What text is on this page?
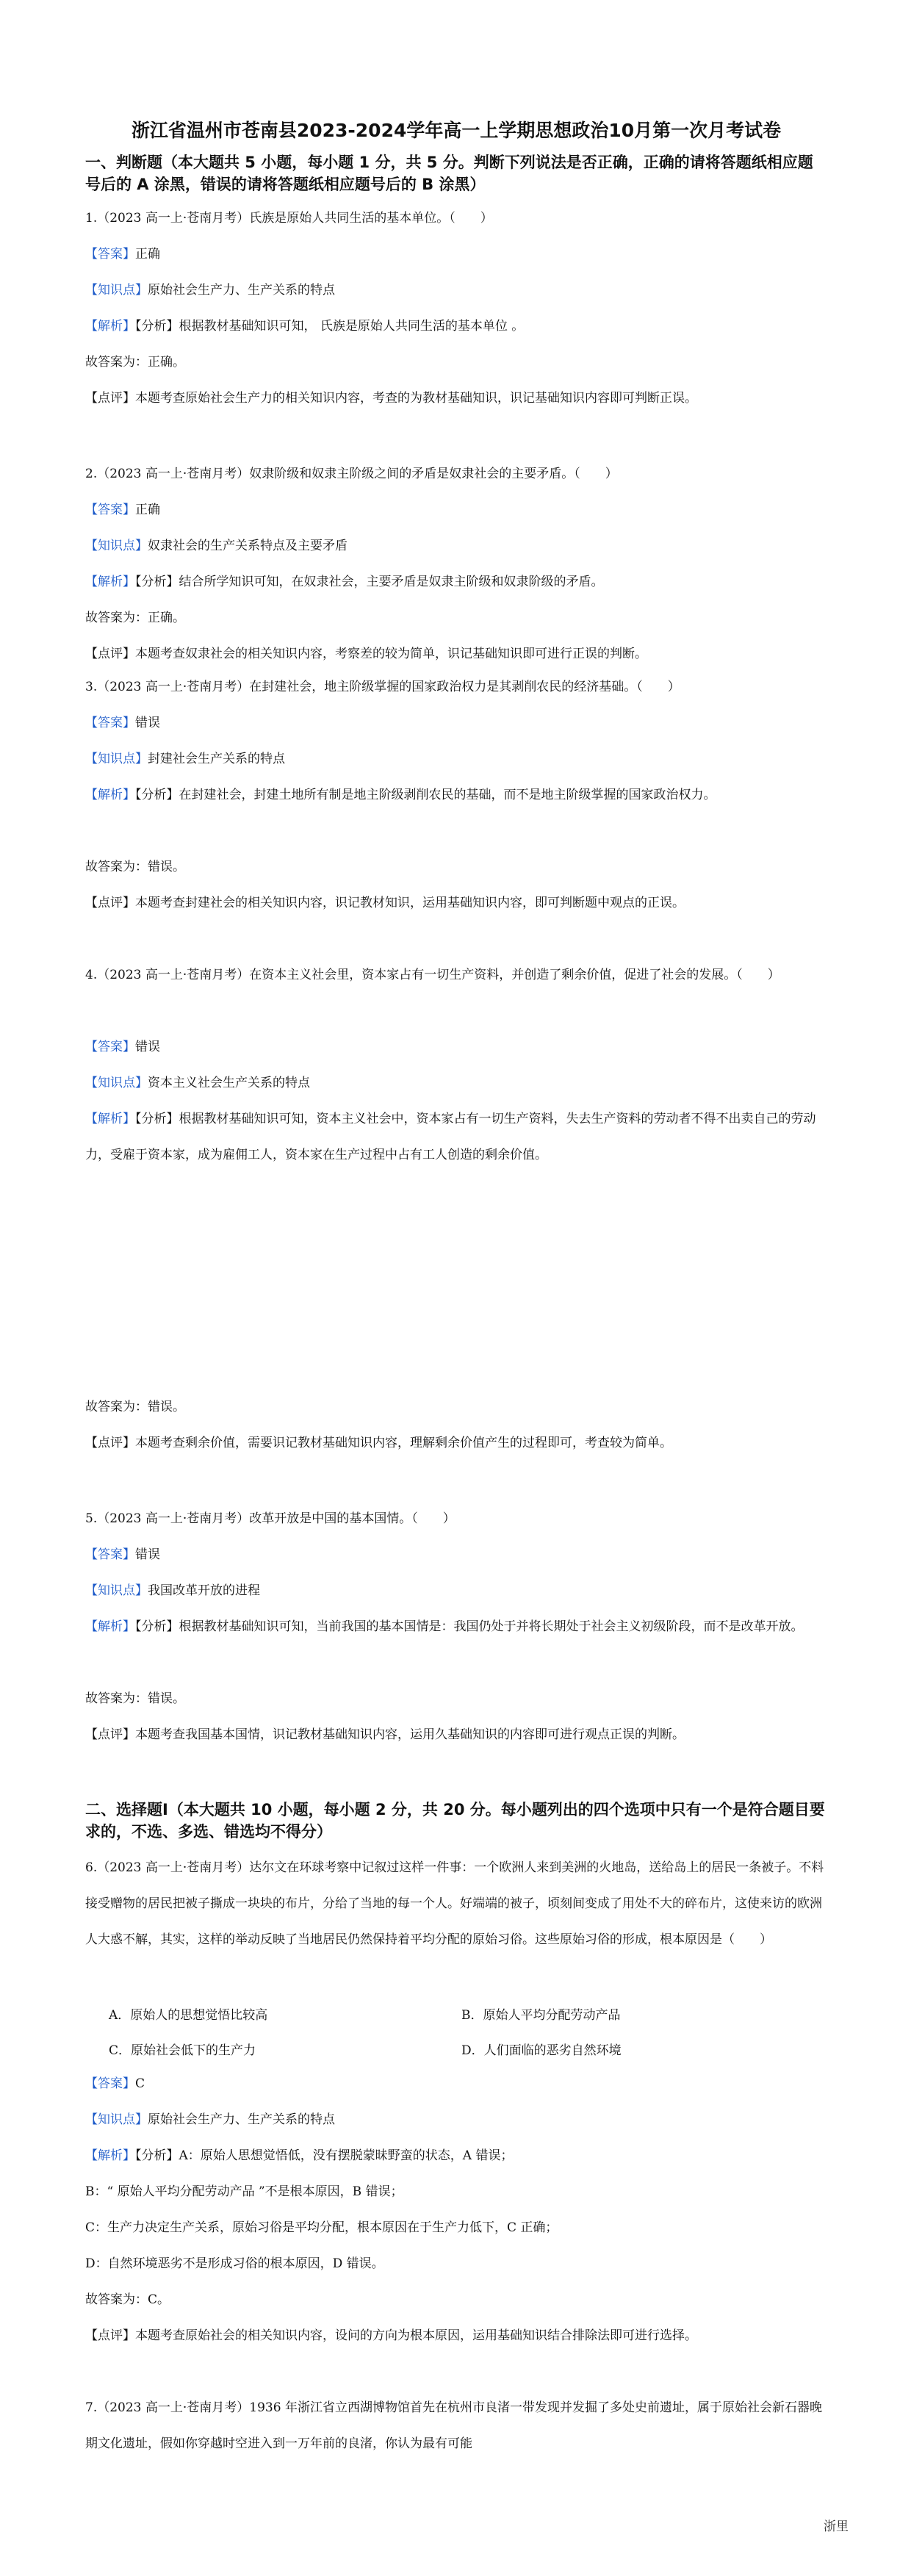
浙江省温州市苍南县2023-2024学年高一上学期思想政治10月第一次月考试卷
一、判断题（本大题共 5 小题，每小题 1 分，共 5 分。判断下列说法是否正确，正确的请将答题纸相应题号后的 A 涂黑，错误的请将答题纸相应题号后的 B 涂黑）
1.（2023 高一上·苍南月考）氏族是原始人共同生活的基本单位。（　　）
【答案】正确
【知识点】原始社会生产力、生产关系的特点
【解析】【分析】根据教材基础知识可知， 氏族是原始人共同生活的基本单位 。
故答案为：正确。
【点评】本题考查原始社会生产力的相关知识内容，考查的为教材基础知识，识记基础知识内容即可判断正误。
2.（2023 高一上·苍南月考）奴隶阶级和奴隶主阶级之间的矛盾是奴隶社会的主要矛盾。（　　）
【答案】正确
【知识点】奴隶社会的生产关系特点及主要矛盾
【解析】【分析】结合所学知识可知，在奴隶社会，主要矛盾是奴隶主阶级和奴隶阶级的矛盾。
故答案为：正确。
【点评】本题考查奴隶社会的相关知识内容，考察差的较为简单，识记基础知识即可进行正误的判断。
3.（2023 高一上·苍南月考）在封建社会，地主阶级掌握的国家政治权力是其剥削农民的经济基础。（　　）
【答案】错误
【知识点】封建社会生产关系的特点
【解析】【分析】在封建社会，封建土地所有制是地主阶级剥削农民的基础，而不是地主阶级掌握的国家政治权力。
故答案为：错误。
【点评】本题考查封建社会的相关知识内容，识记教材知识，运用基础知识内容，即可判断题中观点的正误。
4.（2023 高一上·苍南月考）在资本主义社会里，资本家占有一切生产资料，并创造了剩余价值，促进了社会的发展。（　　）
【答案】错误
【知识点】资本主义社会生产关系的特点
【解析】【分析】根据教材基础知识可知，资本主义社会中，资本家占有一切生产资料，失去生产资料的劳动者不得不出卖自己的劳动力，受雇于资本家，成为雇佣工人，资本家在生产过程中占有工人创造的剩余价值。
故答案为：错误。
【点评】本题考查剩余价值，需要识记教材基础知识内容，理解剩余价值产生的过程即可，考查较为简单。
5.（2023 高一上·苍南月考）改革开放是中国的基本国情。（　　）
【答案】错误
【知识点】我国改革开放的进程
【解析】【分析】根据教材基础知识可知，当前我国的基本国情是：我国仍处于并将长期处于社会主义初级阶段，而不是改革开放。
故答案为：错误。
【点评】本题考查我国基本国情，识记教材基础知识内容，运用久基础知识的内容即可进行观点正误的判断。
二、选择题Ⅰ（本大题共 10 小题，每小题 2 分，共 20 分。每小题列出的四个选项中只有一个是符合题目要求的，不选、多选、错选均不得分）
6.（2023 高一上·苍南月考）达尔文在环球考察中记叙过这样一件事：一个欧洲人来到美洲的火地岛，送给岛上的居民一条被子。不料接受赠物的居民把被子撕成一块块的布片，分给了当地的每一个人。好端端的被子，顷刻间变成了用处不大的碎布片，这使来访的欧洲人大惑不解，其实，这样的举动反映了当地居民仍然保持着平均分配的原始习俗。这些原始习俗的形成，根本原因是（　　）
A．原始人的思想觉悟比较高	B．原始人平均分配劳动产品
C．原始社会低下的生产力	D．人们面临的恶劣自然环境
【答案】C
【知识点】原始社会生产力、生产关系的特点
【解析】【分析】A：原始人思想觉悟低，没有摆脱蒙昧野蛮的状态，A 错误；
B：“ 原始人平均分配劳动产品 ”不是根本原因，B 错误；
C：生产力决定生产关系，原始习俗是平均分配，根本原因在于生产力低下，C 正确；
D：自然环境恶劣不是形成习俗的根本原因，D 错误。
故答案为：C。
【点评】本题考查原始社会的相关知识内容，设问的方向为根本原因，运用基础知识结合排除法即可进行选择。
7.（2023 高一上·苍南月考）1936 年浙江省立西湖博物馆首先在杭州市良渚一带发现并发掘了多处史前遗址，属于原始社会新石器晚期文化遗址，假如你穿越时空进入到一万年前的良渚，你认为最有可能
浙里
